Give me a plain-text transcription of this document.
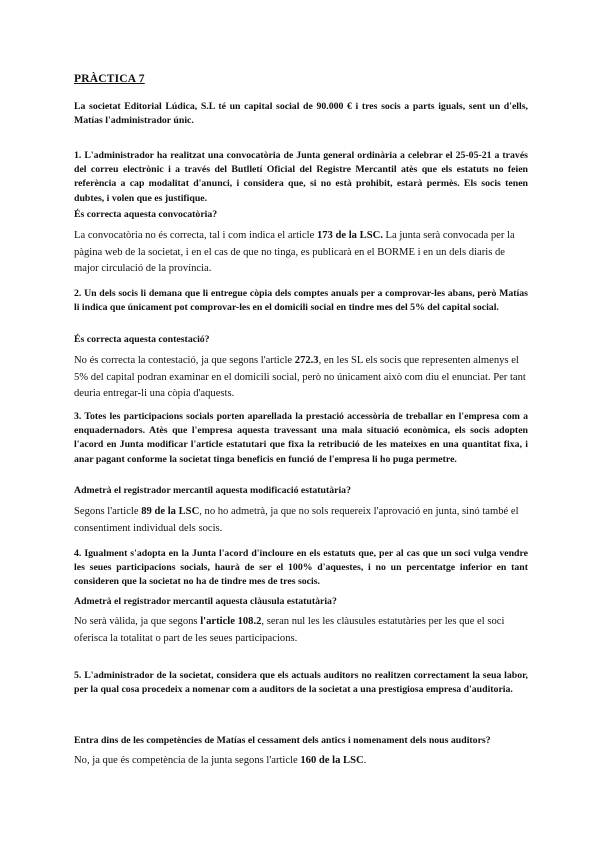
PRÀCTICA 7

La societat Editorial Lúdica, S.L té un capital social de 90.000 € i tres socis a parts iguals, sent un d'ells, Matías l'administrador únic.

1. L'administrador ha realitzat una convocatòria de Junta general ordinària a celebrar el 25-05-21 a través del correu electrònic i a través del Butlletí Oficial del Registre Mercantil atès que els estatuts no feien referència a cap modalitat d'anunci, i considera que, si no està prohibit, estarà permès. Els socis tenen dubtes, i volen que es justifique.

És correcta aquesta convocatòria?

La convocatòria no és correcta, tal i com indica el article 173 de la LSC. La junta serà convocada per la pàgina web de la societat, i en el cas de que no tinga, es publicarà en el BORME i en un dels diaris de major circulació de la província.

2. Un dels socis li demana que li entregue còpia dels comptes anuals per a comprovar-les abans, però Matías li indica que únicament pot comprovar-les en el domicili social en tindre mes del 5% del capital social.

És correcta aquesta contestació?

No és correcta la contestació, ja que segons l'article 272.3, en les SL els socis que representen almenys el 5% del capital podran examinar en el domicili social, però no únicament això com diu el enunciat. Per tant deuria entregar-li una còpia d'aquests.

3. Totes les participacions socials porten aparellada la prestació accessòria de treballar en l'empresa com a enquadernadors. Atès que l'empresa aquesta travessant una mala situació econòmica, els socis adopten l'acord en Junta modificar l'article estatutari que fixa la retribució de les mateixes en una quantitat fixa, i anar pagant conforme la societat tinga beneficis en funció de l'empresa li ho puga permetre.

Admetrà el registrador mercantil aquesta modificació estatutària?

Segons l'article 89 de la LSC, no ho admetrà, ja que no sols requereix l'aprovació en junta, sinó també el consentiment individual dels socis.

4. Igualment s'adopta en la Junta l'acord d'incloure en els estatuts que, per al cas que un soci vulga vendre les seues participacions socials, haurà de ser el 100% d'aquestes, i no un percentatge inferior en tant consideren que la societat no ha de tindre mes de tres socis.

Admetrà el registrador mercantil aquesta clàusula estatutària?

No serà vàlida, ja que segons l'article 108.2, seran nul les les clàusules estatutàries per les que el soci oferisca la totalitat o part de les seues participacions.

5. L'administrador de la societat, considera que els actuals auditors no realitzen correctament la seua labor, per la qual cosa procedeix a nomenar com a auditors de la societat a una prestigiosa empresa d'auditoria.

Entra dins de les competències de Matías el cessament dels antics i nomenament dels nous auditors?

No, ja que és competència de la junta segons l'article 160 de la LSC.
